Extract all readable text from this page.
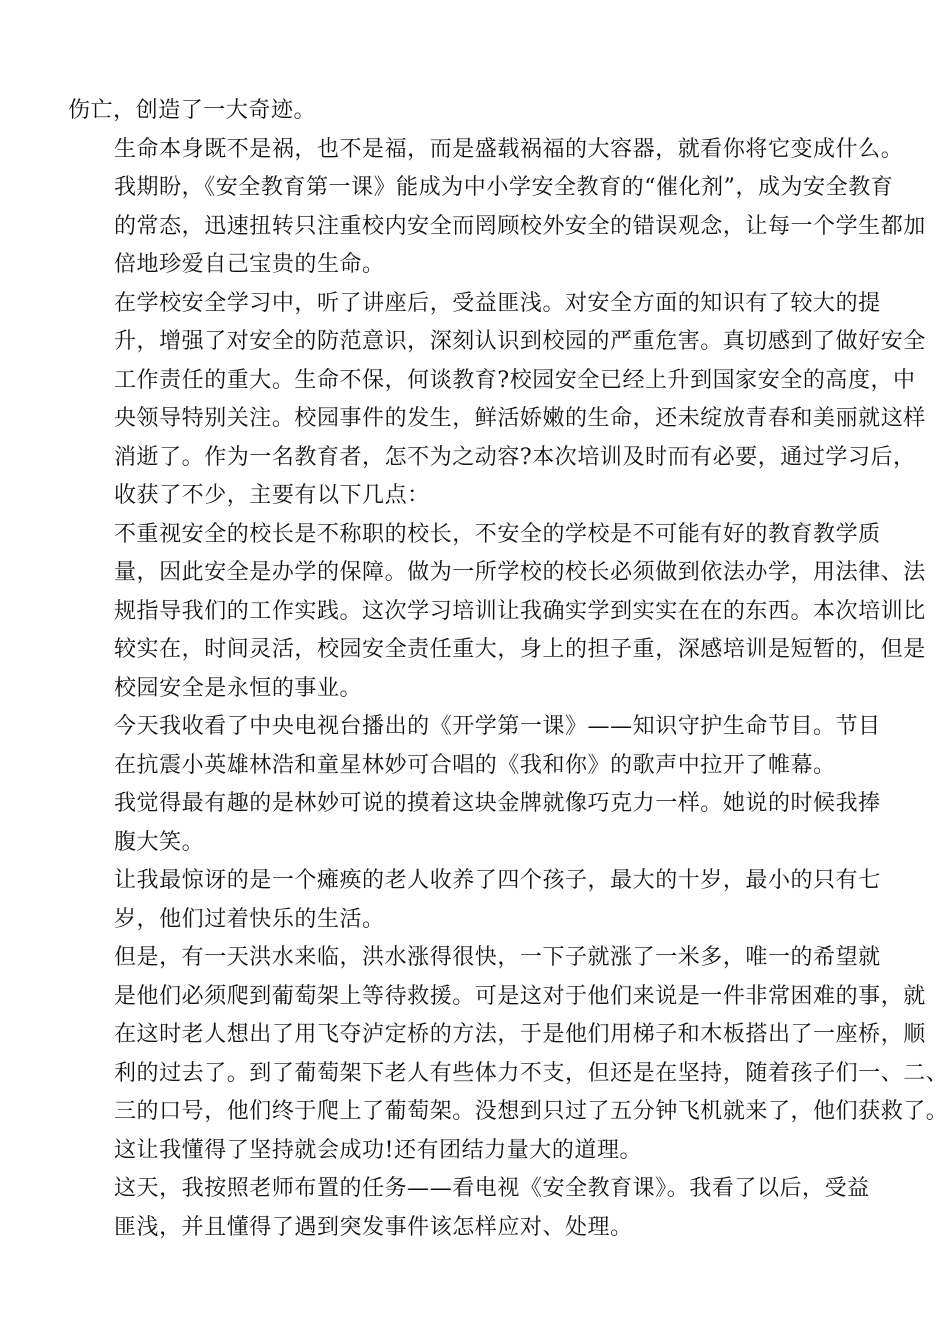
伤亡，创造了一大奇迹。
生命本身既不是祸，也不是福，而是盛载祸福的大容器，就看你将它变成什么。
我期盼，《安全教育第一课》能成为中小学安全教育的“催化剂”，成为安全教育
的常态，迅速扭转只注重校内安全而罔顾校外安全的错误观念，让每一个学生都加
倍地珍爱自己宝贵的生命。
在学校安全学习中，听了讲座后，受益匪浅。对安全方面的知识有了较大的提
升，增强了对安全的防范意识，深刻认识到校园的严重危害。真切感到了做好安全
工作责任的重大。生命不保，何谈教育?校园安全已经上升到国家安全的高度，中
央领导特别关注。校园事件的发生，鲜活娇嫩的生命，还未绽放青春和美丽就这样
消逝了。作为一名教育者，怎不为之动容?本次培训及时而有必要，通过学习后，
收获了不少，主要有以下几点：
不重视安全的校长是不称职的校长，不安全的学校是不可能有好的教育教学质
量，因此安全是办学的保障。做为一所学校的校长必须做到依法办学，用法律、法
规指导我们的工作实践。这次学习培训让我确实学到实实在在的东西。本次培训比
较实在，时间灵活，校园安全责任重大，身上的担子重，深感培训是短暂的，但是
校园安全是永恒的事业。
今天我收看了中央电视台播出的《开学第一课》——知识守护生命节目。节目
在抗震小英雄林浩和童星林妙可合唱的《我和你》的歌声中拉开了帷幕。
我觉得最有趣的是林妙可说的摸着这块金牌就像巧克力一样。她说的时候我捧
腹大笑。
让我最惊讶的是一个瘫痪的老人收养了四个孩子，最大的十岁，最小的只有七
岁，他们过着快乐的生活。
但是，有一天洪水来临，洪水涨得很快，一下子就涨了一米多，唯一的希望就
是他们必须爬到葡萄架上等待救援。可是这对于他们来说是一件非常困难的事，就
在这时老人想出了用飞夺泸定桥的方法，于是他们用梯子和木板搭出了一座桥，顺
利的过去了。到了葡萄架下老人有些体力不支，但还是在坚持，随着孩子们一、二、
三的口号，他们终于爬上了葡萄架。没想到只过了五分钟飞机就来了，他们获救了。
这让我懂得了坚持就会成功!还有团结力量大的道理。
这天，我按照老师布置的任务——看电视《安全教育课》。我看了以后，受益
匪浅，并且懂得了遇到突发事件该怎样应对、处理。
